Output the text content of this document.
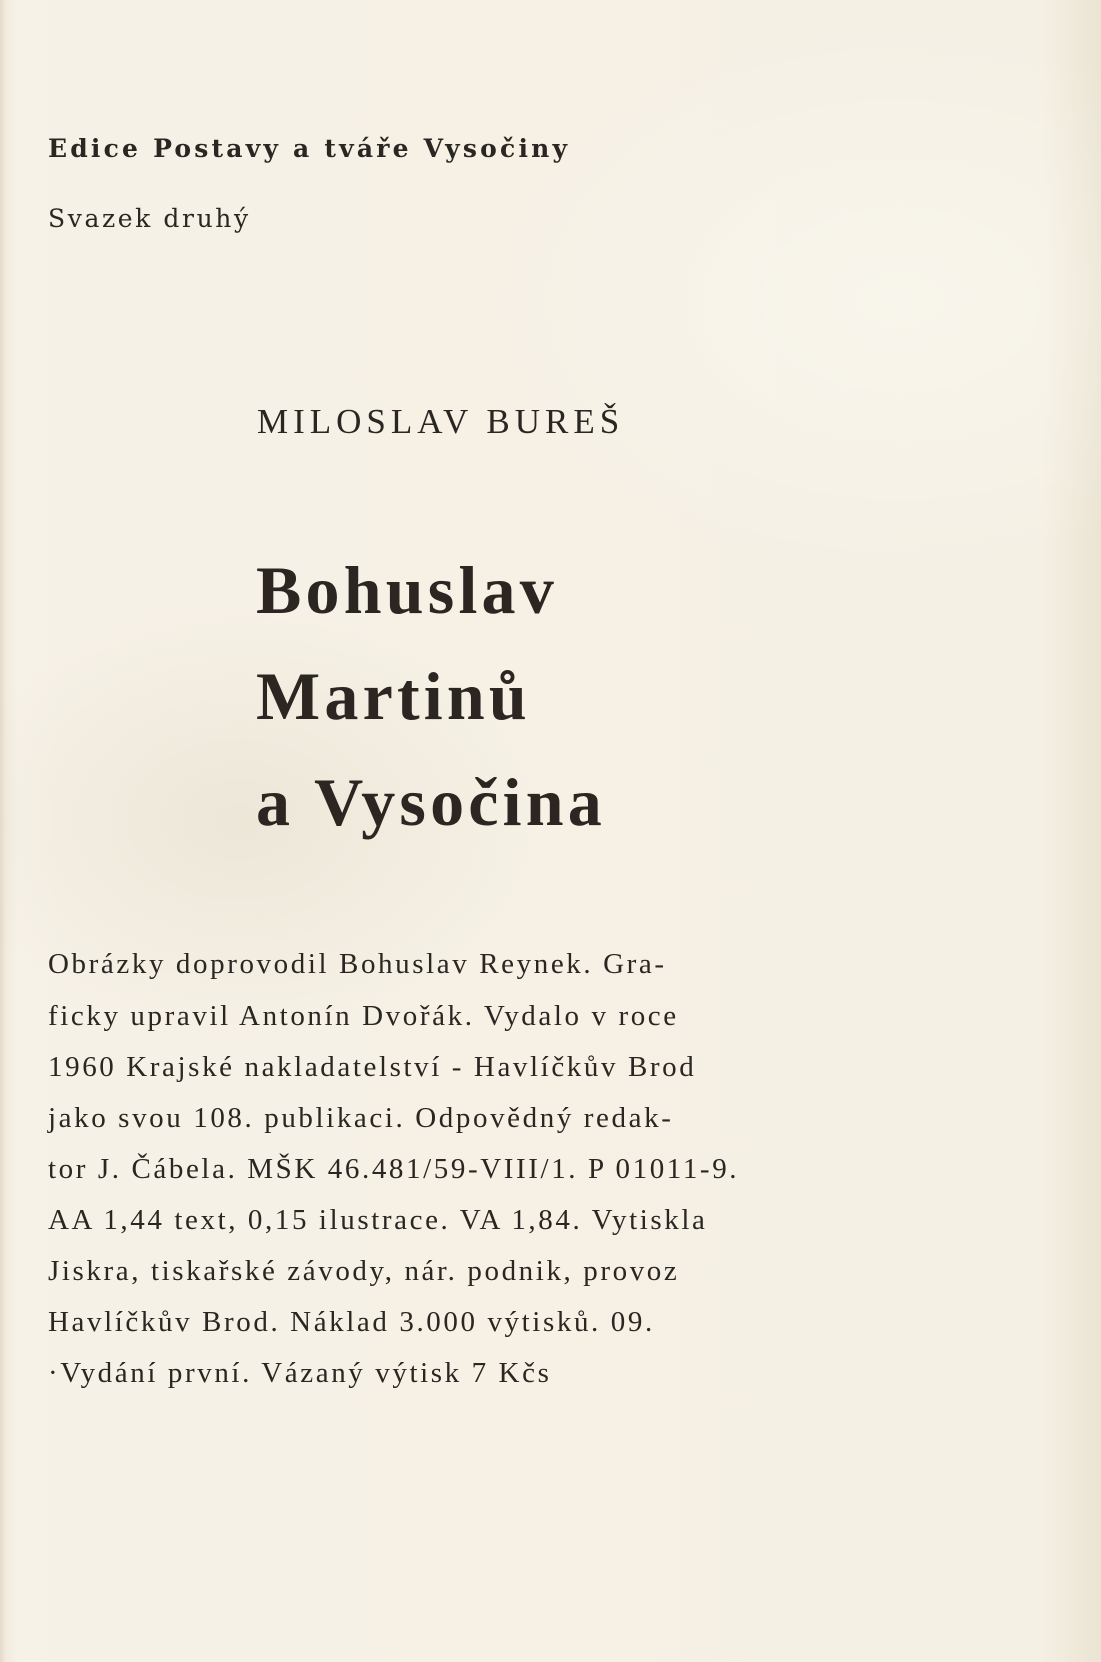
Edice Postavy a tváře Vysočiny

Svazek druhý

MILOSLAV BUREŠ

Bohuslav

Martinů

a Vysočina

Obrázky doprovodil Bohuslav Reynek. Gra-
ficky upravil Antonín Dvořák. Vydalo v roce
1960 Krajské nakladatelství - Havlíčkův Brod
jako svou 108. publikaci. Odpovědný redak-
tor J. Čábela. MŠK 46.481/59-VIII/1. P 01011-9.
AA 1,44 text, 0,15 ilustrace. VA 1,84. Vytiskla
Jiskra, tiskařské závody, nár. podnik, provoz
Havlíčkův Brod. Náklad 3.000 výtisků. 09.
·Vydání první. Vázaný výtisk 7 Kčs
